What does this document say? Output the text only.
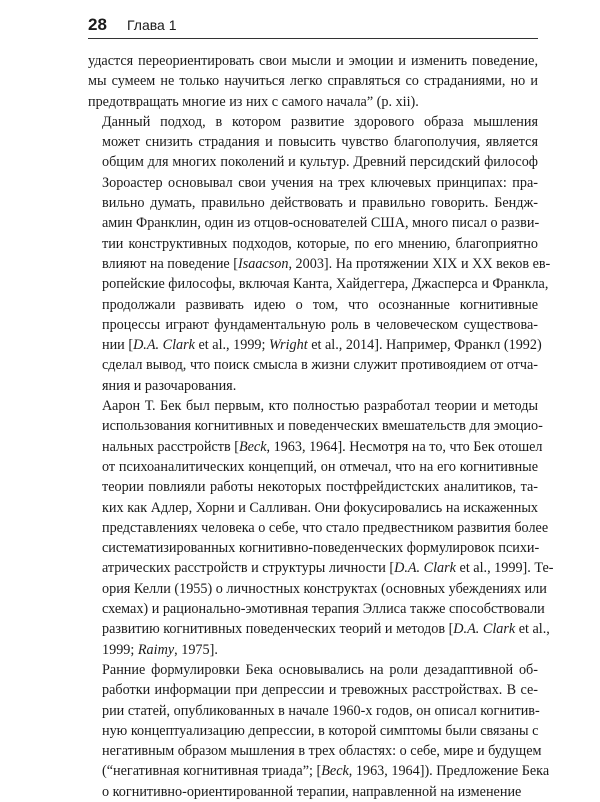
28 Глава 1
удастся переориентировать свои мысли и эмоции и изменить поведение,
мы сумеем не только научиться легко справляться со страданиями, но и
предотвращать многие из них с самого начала” (p. xii).
Данный подход, в котором развитие здорового образа мышления
может снизить страдания и повысить чувство благополучия, является
общим для многих поколений и культур. Древний персидский философ
Зороастер основывал свои учения на трех ключевых принципах: пра-
вильно думать, правильно действовать и правильно говорить. Бендж-
амин Франклин, один из отцов-основателей США, много писал о разви-
тии конструктивных подходов, которые, по его мнению, благоприятно
влияют на поведение [Isaacson, 2003]. На протяжении XIX и XX веков ев-
ропейские философы, включая Канта, Хайдеггера, Джасперса и Франкла,
продолжали развивать идею о том, что осознанные когнитивные
процессы играют фундаментальную роль в человеческом существова-
нии [D.A. Clark et al., 1999; Wright et al., 2014]. Например, Франкл (1992)
сделал вывод, что поиск смысла в жизни служит противоядием от отча-
яния и разочарования.
Аарон Т. Бек был первым, кто полностью разработал теории и методы
использования когнитивных и поведенческих вмешательств для эмоцио-
нальных расстройств [Beck, 1963, 1964]. Несмотря на то, что Бек отошел
от психоаналитических концепций, он отмечал, что на его когнитивные
теории повлияли работы некоторых постфрейдистских аналитиков, та-
ких как Адлер, Хорни и Салливан. Они фокусировались на искаженных
представлениях человека о себе, что стало предвестником развития более
систематизированных когнитивно-поведенческих формулировок психи-
атрических расстройств и структуры личности [D.A. Clark et al., 1999]. Те-
ория Келли (1955) о личностных конструктах (основных убеждениях или
схемах) и рационально-эмотивная терапия Эллиса также способствовали
развитию когнитивных поведенческих теорий и методов [D.A. Clark et al.,
1999; Raimy, 1975].
Ранние формулировки Бека основывались на роли дезадаптивной об-
работки информации при депрессии и тревожных расстройствах. В се-
рии статей, опубликованных в начале 1960-х годов, он описал когнитив-
ную концептуализацию депрессии, в которой симптомы были связаны с
негативным образом мышления в трех областях: о себе, мире и будущем
(“негативная когнитивная триада”; [Beck, 1963, 1964]). Предложение Бека
о когнитивно-ориентированной терапии, направленной на изменение
